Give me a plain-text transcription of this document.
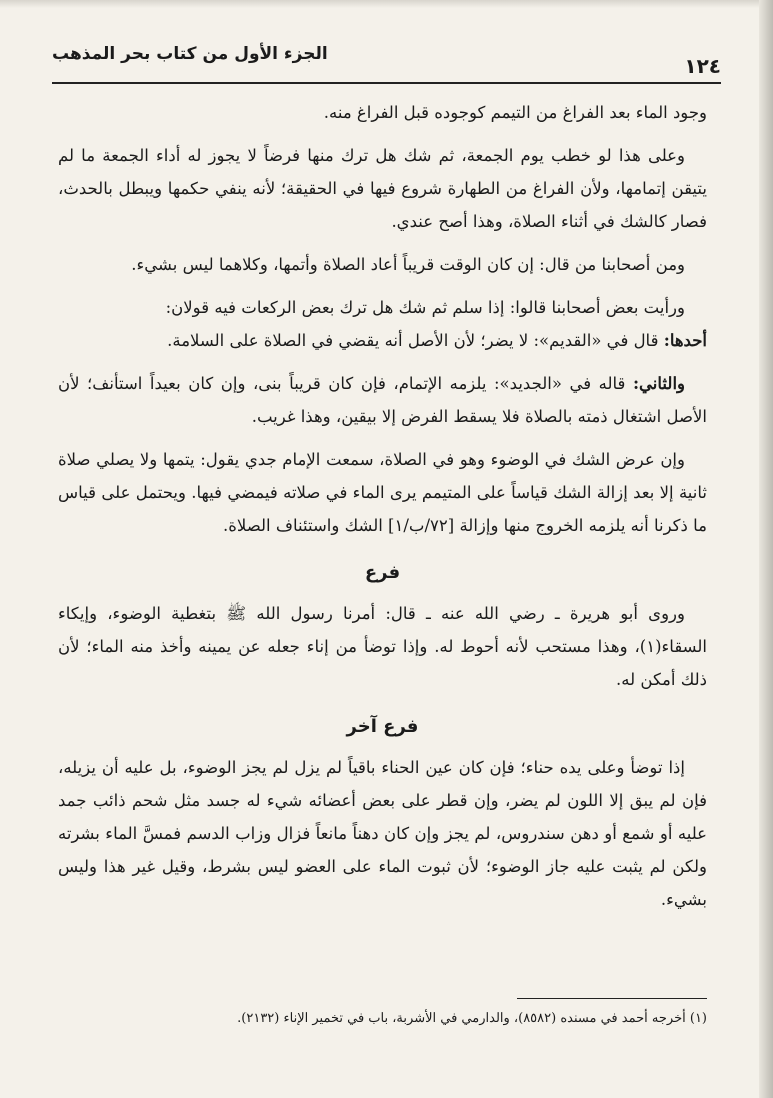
الجزء الأول من كتاب بحر المذهب	١٢٤

وجود الماء بعد الفراغ من التيمم كوجوده قبل الفراغ منه.

وعلى هذا لو خطب يوم الجمعة، ثم شك هل ترك منها فرضاً لا يجوز له أداء الجمعة ما لم يتيقن إتمامها، ولأن الفراغ من الطهارة شروع فيها في الحقيقة؛ لأنه ينفي حكمها ويبطل بالحدث، فصار كالشك في أثناء الصلاة، وهذا أصح عندي.

ومن أصحابنا من قال: إن كان الوقت قريباً أعاد الصلاة وأتمها، وكلاهما ليس بشيء.

ورأيت بعض أصحابنا قالوا: إذا سلم ثم شك هل ترك بعض الركعات فيه قولان:

أحدها: قال في «القديم»: لا يضر؛ لأن الأصل أنه يقضي في الصلاة على السلامة.

والثاني: قاله في «الجديد»: يلزمه الإتمام، فإن كان قريباً بنى، وإن كان بعيداً استأنف؛ لأن الأصل اشتغال ذمته بالصلاة فلا يسقط الفرض إلا بيقين، وهذا غريب.

وإن عرض الشك في الوضوء وهو في الصلاة، سمعت الإمام جدي يقول: يتمها ولا يصلي صلاة ثانية إلا بعد إزالة الشك قياساً على المتيمم يرى الماء في صلاته فيمضي فيها. ويحتمل على قياس ما ذكرنا أنه يلزمه الخروج منها وإزالة [٧٢/ب/١] الشك واستئناف الصلاة.

فرع

وروى أبو هريرة ـ رضي الله عنه ـ قال: أمرنا رسول الله ﷺ بتغطية الوضوء، وإيكاء السقاء(١)، وهذا مستحب لأنه أحوط له. وإذا توضأ من إناء جعله عن يمينه وأخذ منه الماء؛ لأن ذلك أمكن له.

فرع آخر

إذا توضأ وعلى يده حناء؛ فإن كان عين الحناء باقياً لم يزل لم يجز الوضوء، بل عليه أن يزيله، فإن لم يبق إلا اللون لم يضر، وإن قطر على بعض أعضائه شيء له جسد مثل شحم ذائب جمد عليه أو شمع أو دهن سندروس، لم يجز وإن كان دهناً مانعاً فزال وزاب الدسم فمسَّ الماء بشرته ولكن لم يثبت عليه جاز الوضوء؛ لأن ثبوت الماء على العضو ليس بشرط، وقيل غير هذا وليس بشيء.

(١) أخرجه أحمد في مسنده (٨٥٨٢)، والدارمي في الأشربة، باب في تخمير الإناء (٢١٣٢).
